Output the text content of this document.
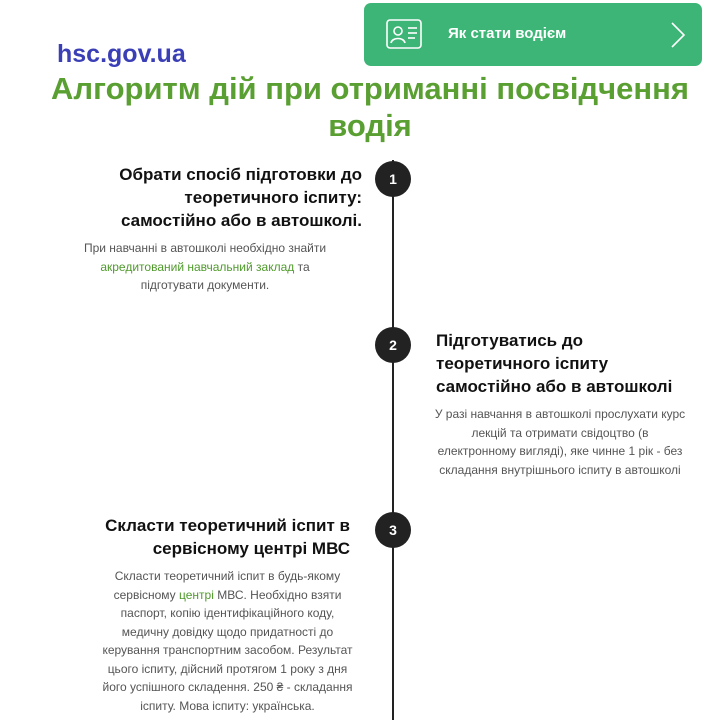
hsc.gov.ua
Як стати водієм
Алгоритм дій при отриманні посвідчення водія
1
Обрати спосіб підготовки до
теоретичного іспиту:
самостійно або в автошколі.

При навчанні в автошколі необхідно знайти
акредитований навчальний заклад та
підготувати документи.

2	Підготуватись до
теоретичного іспиту
самостійно або в автошколі

У разі навчання в автошколі прослухати курс
лекцій та отримати свідоцтво (в
електронному вигляді), яке чинне 1 рік - без
складання внутрішнього іспиту в автошколі

3
Скласти теоретичний іспит в
сервісному центрі МВС

Скласти теоретичний іспит в будь-якому
сервісному центрі МВС. Необхідно взяти
паспорт, копію ідентифікаційного коду,
медичну довідку щодо придатності до
керування транспортним засобом. Результат
цього іспиту, дійсний протягом 1 року з дня
його успішного складення. 250 ₴ - складання
іспиту. Мова іспиту: українська.
